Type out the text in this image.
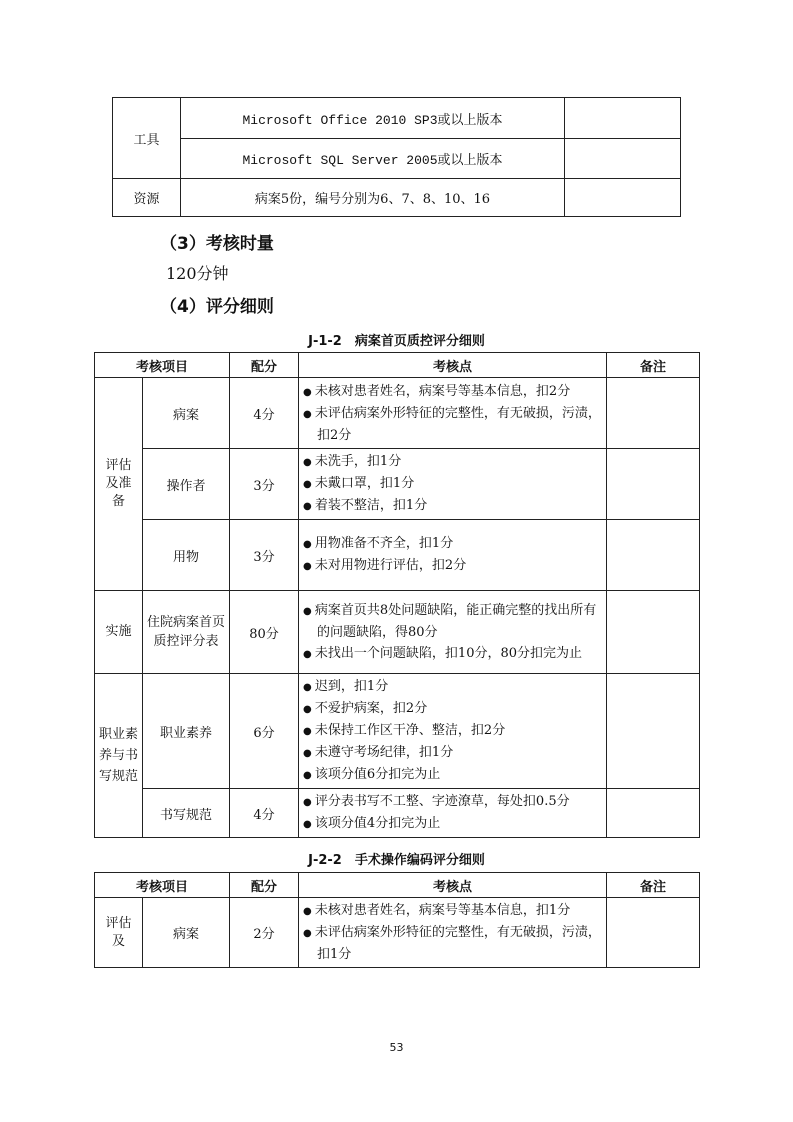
工具	Microsoft Office 2010 SP3或以上版本	
	Microsoft SQL Server 2005或以上版本	
资源	病案5份，编号分别为6、7、8、10、16	
（3）考核时量
120分钟
（4）评分细则
J-1-2　病案首页质控评分细则
考核项目		配分	考核点	备注
评估及准备	病案	4分	● 未核对患者姓名，病案号等基本信息，扣2分
● 未评估病案外形特征的完整性，有无破损，污渍，扣2分

	操作者	3分	● 未洗手，扣1分
● 未戴口罩，扣1分
● 着装不整洁，扣1分

	用物	3分	● 用物准备不齐全，扣1分
● 未对用物进行评估，扣2分

实施	住院病案首页质控评分表	80分	● 病案首页共8处问题缺陷，能正确完整的找出所有的问题缺陷，得80分
● 未找出一个问题缺陷，扣10分，80分扣完为止

职业素养与书写规范	职业素养	6分	● 迟到，扣1分
● 不爱护病案，扣2分
● 未保持工作区干净、整洁，扣2分
● 未遵守考场纪律，扣1分
● 该项分值6分扣完为止

	书写规范	4分	● 评分表书写不工整、字迹潦草，每处扣0.5分
● 该项分值4分扣完为止

J-2-2　手术操作编码评分细则
考核项目		配分	考核点	备注
评估及	病案	2分	● 未核对患者姓名，病案号等基本信息，扣1分
● 未评估病案外形特征的完整性，有无破损，污渍，扣1分

53
